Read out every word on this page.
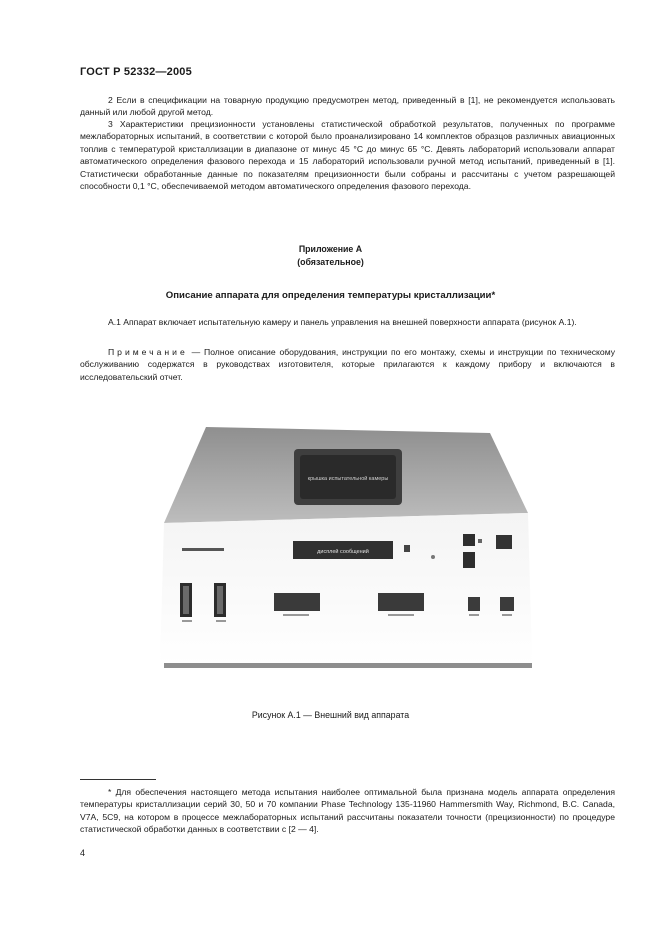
ГОСТ Р 52332—2005

2 Если в спецификации на товарную продукцию предусмотрен метод, приведенный в [1], не рекомендуется использовать данный или любой другой метод.

3 Характеристики прецизионности установлены статистической обработкой результатов, полученных по программе межлабораторных испытаний, в соответствии с которой было проанализировано 14 комплектов образцов различных авиационных топлив с температурой кристаллизации в диапазоне от минус 45 °С до минус 65 °С. Девять лабораторий использовали аппарат автоматического определения фазового перехода и 15 лабораторий использовали ручной метод испытаний, приведенный в [1]. Статистически обработанные данные по показателям прецизионности были собраны и рассчитаны с учетом разрешающей способности 0,1 °С, обеспечиваемой методом автоматического определения фазового перехода.

Приложение А
(обязательное)
Описание аппарата для определения температуры кристаллизации*

А.1 Аппарат включает испытательную камеру и панель управления на внешней поверхности аппарата (рисунок А.1).

Примечание — Полное описание оборудования, инструкции по его монтажу, схемы и инструкции по техническому обслуживанию содержатся в руководствах изготовителя, которые прилагаются к каждому прибору и включаются в исследовательский отчет.

крышка испытательной камеры
дисплей сообщений
Рисунок А.1 — Внешний вид аппарата

* Для обеспечения настоящего метода испытания наиболее оптимальной была признана модель аппарата определения температуры кристаллизации серий 30, 50 и 70 компании Phase Technology 135-11960 Hammersmith Way, Richmond, B.C. Canada, V7A, 5C9, на котором в процессе межлабораторных испытаний рассчитаны показатели точности (прецизионности) по процедуре статистической обработки данных в соответствии с [2 — 4].

4
